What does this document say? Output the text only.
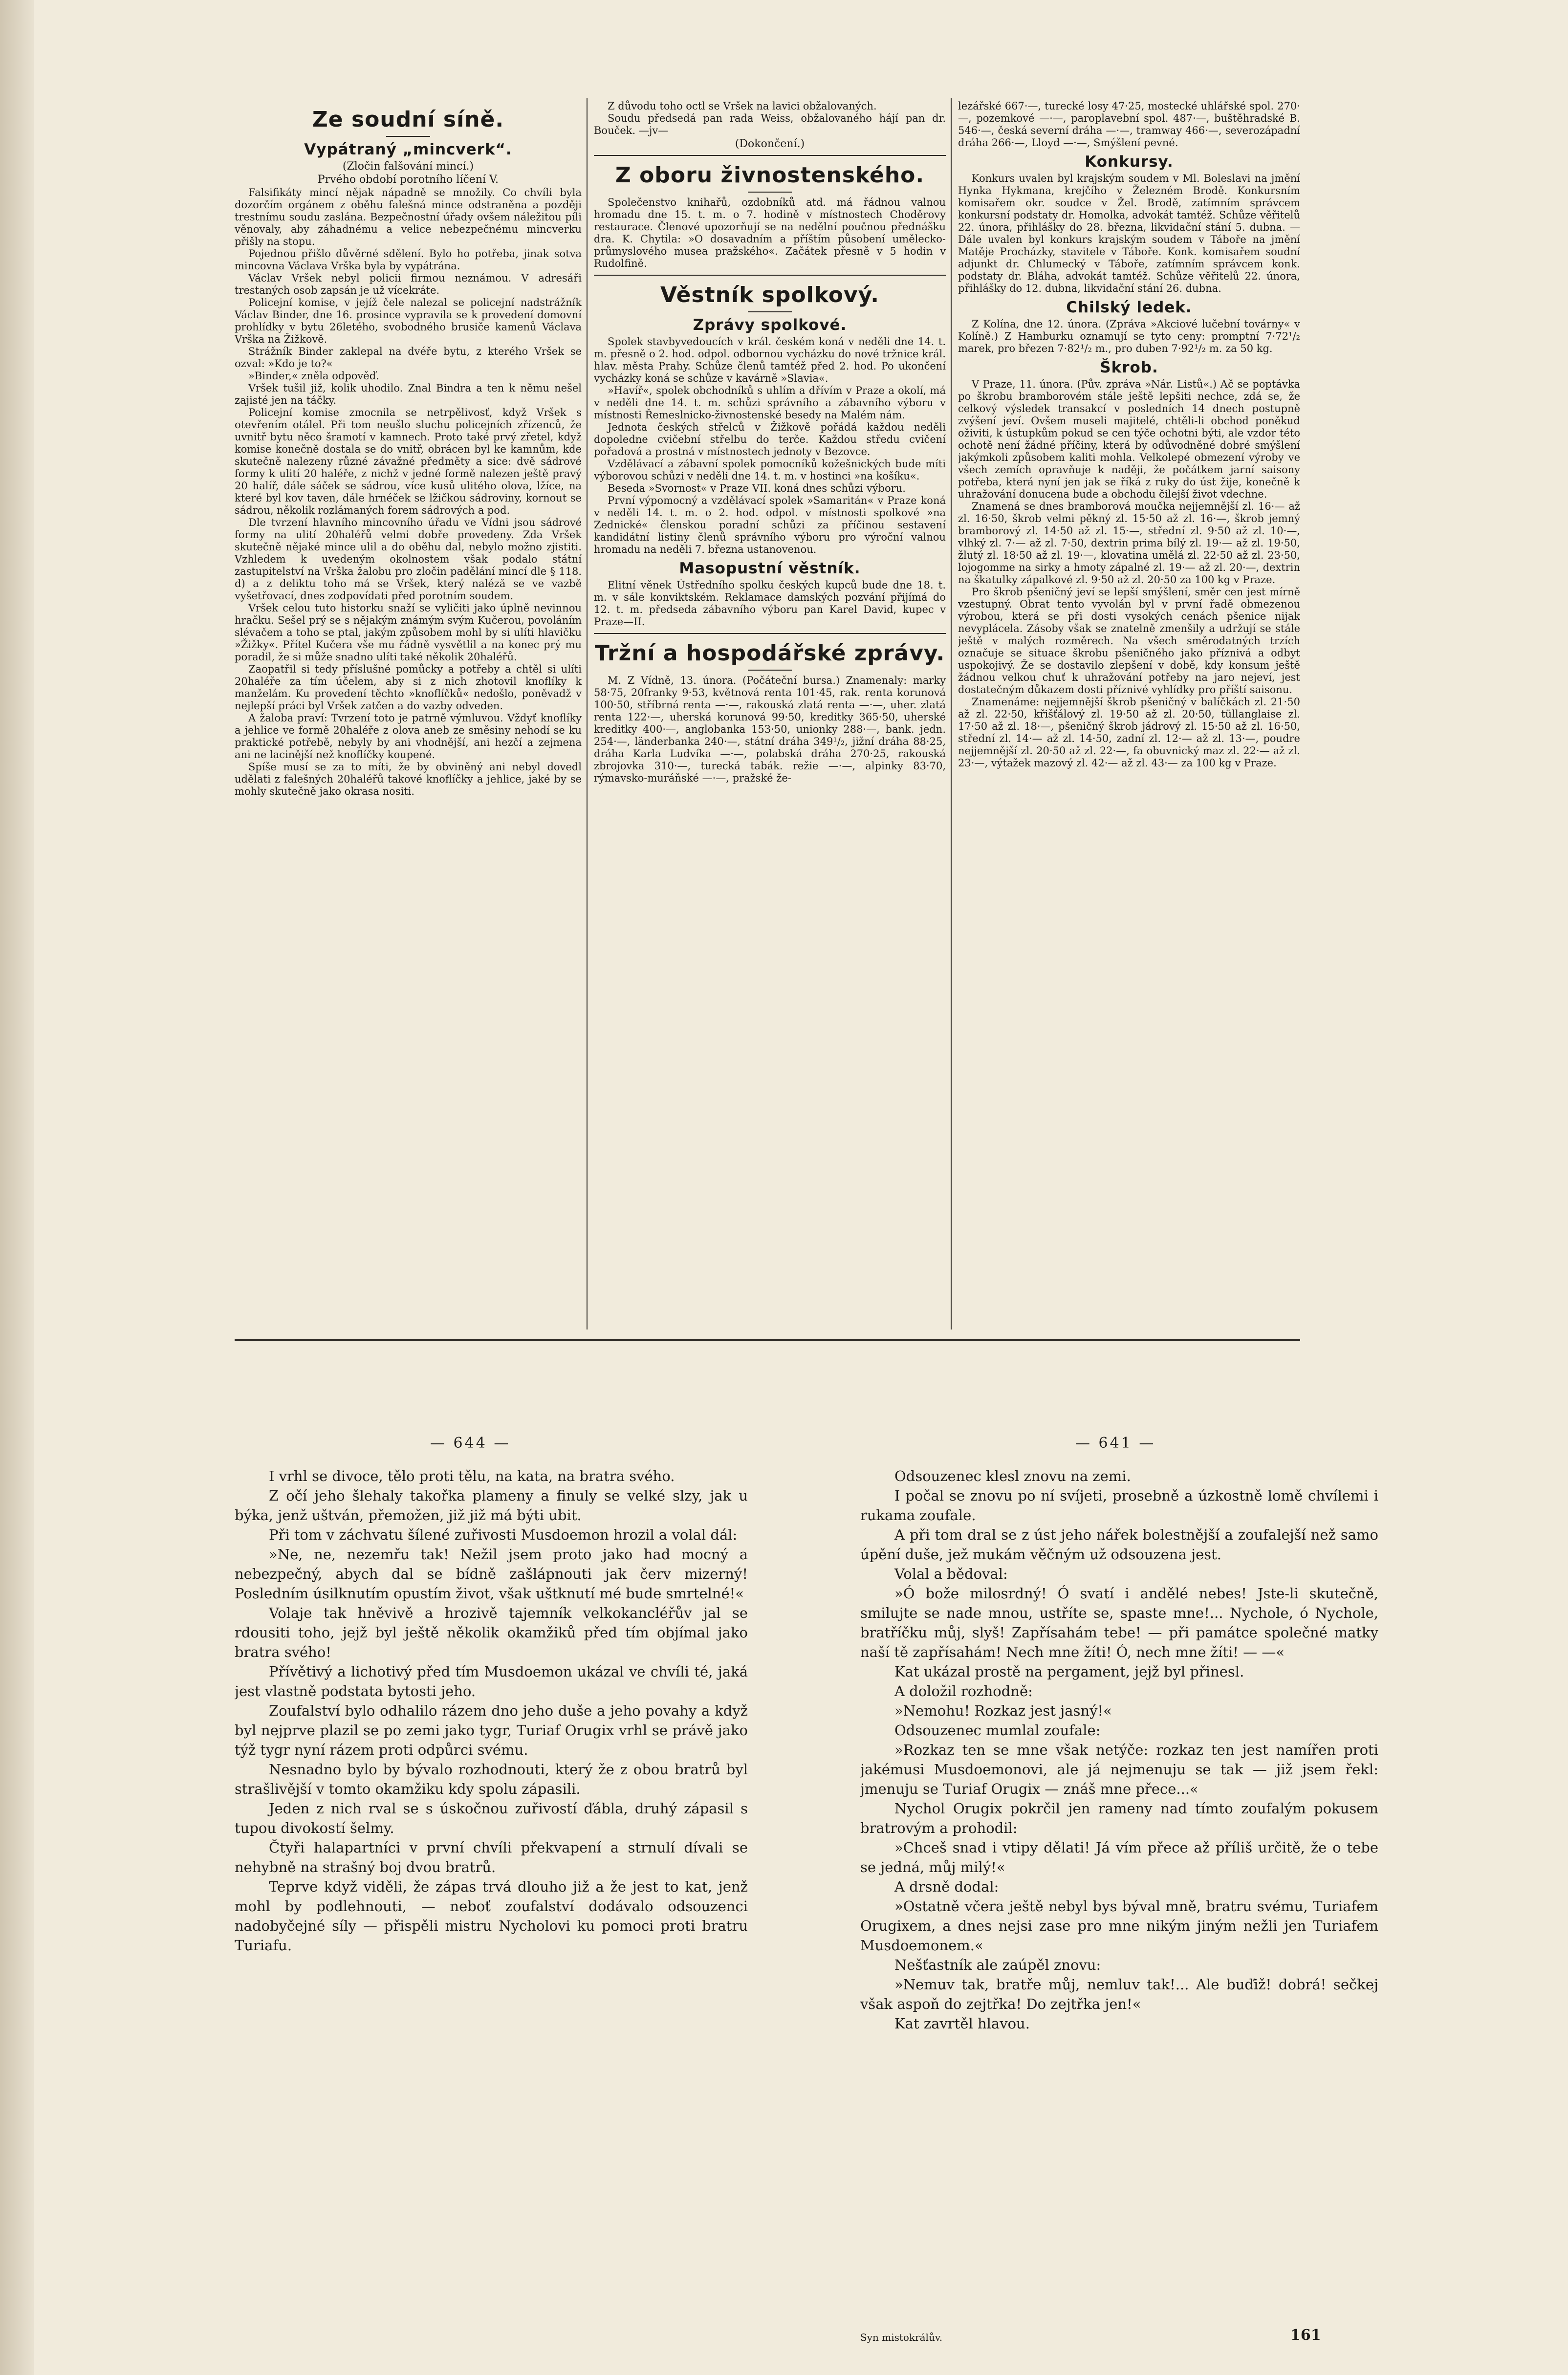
Ze soudní síně.
Vypátraný „mincverk“.
(Zločin falšování mincí.)
Prvého období porotního líčení V.

Falsifikáty mincí nějak nápadně se množily. Co chvíli byla dozorčím orgánem z oběhu falešná mince odstraněna a později trestnímu soudu zaslána. Bezpečnostní úřady ovšem náležitou píli věnovaly, aby záhadnému a velice nebezpečnému mincverku přišly na stopu.

Pojednou přišlo důvěrné sdělení. Bylo ho potřeba, jinak sotva mincovna Václava Vrška byla by vypátrána.

Václav Vršek nebyl policii firmou neznámou. V adresáři trestaných osob zapsán je už vícekráte.

Policejní komise, v jejíž čele nalezal se policejní nadstrážník Václav Binder, dne 16. prosince vypravila se k provedení domovní prohlídky v bytu 26letého, svobodného brusiče kamenů Václava Vrška na Žižkově.

Strážník Binder zaklepal na dvéře bytu, z kterého Vršek se ozval: »Kdo je to?«

»Binder,« zněla odpověď.

Vršek tušil již, kolik uhodilo. Znal Bindra a ten k němu nešel zajisté jen na táčky.

Policejní komise zmocnila se netrpělivosť, když Vršek s otevřením otálel. Při tom neušlo sluchu policejních zřízenců, že uvnitř bytu něco šramotí v kamnech. Proto také prvý zřetel, když komise konečně dostala se do vnitř, obrácen byl ke kamnům, kde skutečně nalezeny různé závažné předměty a sice: dvě sádrové formy k ulití 20 haléře, z nichž v jedné formě nalezen ještě pravý 20 halíř, dále sáček se sádrou, více kusů ulitého olova, lžíce, na které byl kov taven, dále hrnéček se lžičkou sádroviny, kornout se sádrou, několik rozlámaných forem sádrových a pod.

Dle tvrzení hlavního mincovního úřadu ve Vídni jsou sádrové formy na ulití 20haléřů velmi dobře provedeny. Zda Vršek skutečně nějaké mince ulil a do oběhu dal, nebylo možno zjistiti. Vzhledem k uvedeným okolnostem však podalo státní zastupitelství na Vrška žalobu pro zločin padělání mincí dle § 118. d) a z deliktu toho má se Vršek, který naléză se ve vazbě vyšetřovací, dnes zodpovídati před porotním soudem.

Vršek celou tuto historku snaží se vyličiti jako úplně nevinnou hračku. Sešel prý se s nějakým známým svým Kučerou, povoláním slévačem a toho se ptal, jakým způsobem mohl by si ulíti hlavičku »Žižky«. Přítel Kučera vše mu řádně vysvětlil a na konec prý mu poradil, že si může snadno ulíti také několik 20haléřů.

Zaopatřil si tedy příslušné pomůcky a potřeby a chtěl si ulíti 20haléře za tím účelem, aby si z nich zhotovil knoflíky k manželám. Ku provedení těchto »knoflíčků« nedošlo, poněvadž v nejlepší práci byl Vršek zatčen a do vazby odveden.

A žaloba praví: Tvrzení toto je patrně výmluvou. Vždyť knoflíky a jehlice ve formě 20haléře z olova aneb ze směsiny nehodí se ku praktické potřebě, nebyly by ani vhodnější, ani hezčí a zejmena ani ne lacinější než knoflíčky koupené.

Spíše musí se za to míti, že by obviněný ani nebyl dovedl udělati z falešných 20haléřů takové knoflíčky a jehlice, jaké by se mohly skutečně jako okrasa nositi.

Z důvodu toho octl se Vršek na lavici obžalovaných.

Soudu předsedá pan rada Weiss, obžalovaného hájí pan dr. Bouček. —jv—

(Dokončení.)
Z oboru živnostenského.

Společenstvo knihařů, ozdobníků atd. má řádnou valnou hromadu dne 15. t. m. o 7. hodině v místnostech Choděrovy restaurace. Členové upozorňují se na nedělní poučnou přednášku dra. K. Chytila: »O dosavadním a příštím působení umělecko-průmyslového musea pražského«. Začátek přesně v 5 hodin v Rudolfině.

Věstník spolkový.
Zprávy spolkové.

Spolek stavbyvedoucích v král. českém koná v neděli dne 14. t. m. přesně o 2. hod. odpol. odbornou vycházku do nové tržnice král. hlav. města Prahy. Schůze členů tamtéž před 2. hod. Po ukončení vycházky koná se schůze v kavárně »Slavia«.

»Havíř«, spolek obchodníků s uhlím a dřívím v Praze a okolí, má v neděli dne 14. t. m. schůzi správního a zábavního výboru v místnosti Řemeslnicko-živnostenské besedy na Malém nám.

Jednota českých střelců v Žižkově pořádá každou neděli dopoledne cvičební střelbu do terče. Každou středu cvičení pořadová a prostná v místnostech jednoty v Bezovce.

Vzdělávací a zábavní spolek pomocníků kožešnických bude míti výborovou schůzi v neděli dne 14. t. m. v hostinci »na košíku«.

Beseda »Svornost« v Praze VII. koná dnes schůzi výboru.

První výpomocný a vzdělávací spolek »Samaritán« v Praze koná v neděli 14. t. m. o 2. hod. odpol. v místnosti spolkové »na Zednické« členskou poradní schůzi za příčinou sestavení kandidátní listiny členů správního výboru pro výroční valnou hromadu na neděli 7. března ustanovenou.

Masopustní věstník.

Elitní věnek Ústředního spolku českých kupců bude dne 18. t. m. v sále konviktském. Reklamace damských pozvání přijímá do 12. t. m. předseda zábavního výboru pan Karel David, kupec v Praze—II.

Tržní a hospodářské zprávy.

M. Z Vídně, 13. února. (Počáteční bursa.) Znamenaly: marky 58·75, 20franky 9·53, květnová renta 101·45, rak. renta korunová 100·50, stříbrná renta —·—, rakouská zlatá renta —·—, uher. zlatá renta 122·—, uherská korunová 99·50, kreditky 365·50, uherské kreditky 400·—, anglobanka 153·50, unionky 288·—, bank. jedn. 254·—, länderbanka 240·—, státní dráha 349¹/₂, jižní dráha 88·25, dráha Karla Ludvíka —·—, polabská dráha 270·25, rakouská zbrojovka 310·—, turecká tabák. režie —·—, alpinky 83·70, rýmavsko-muráňské —·—, pražské že-

lezářské 667·—, turecké losy 47·25, mostecké uhlářské spol. 270·—, pozemkové —·—, paroplavební spol. 487·—, buštěhradské B. 546·—, česká severní dráha —·—, tramway 466·—, severozápadní dráha 266·—, Lloyd —·—, Smýšlení pevné.

Konkursy.

Konkurs uvalen byl krajským soudem v Ml. Boleslavi na jmění Hynka Hykmana, krejčího v Železném Brodě. Konkursním komisařem okr. soudce v Žel. Brodě, zatímním správcem konkursní podstaty dr. Homolka, advokát tamtéž. Schůze věřitelů 22. února, přihlášky do 28. března, likvidační stání 5. dubna. — Dále uvalen byl konkurs krajským soudem v Táboře na jmění Matěje Procházky, stavitele v Táboře. Konk. komisařem soudní adjunkt dr. Chlumecký v Táboře, zatímním správcem konk. podstaty dr. Bláha, advokát tamtéž. Schůze věřitelů 22. února, přihlášky do 12. dubna, likvidační stání 26. dubna.

Chilský ledek.

Z Kolína, dne 12. února. (Zpráva »Akciové lučební továrny« v Kolíně.) Z Hamburku oznamují se tyto ceny: promptní 7·72¹/₂ marek, pro březen 7·82¹/₂ m., pro duben 7·92¹/₂ m. za 50 kg.

Škrob.

V Praze, 11. února. (Pův. zpráva »Nár. Listů«.) Ač se poptávka po škrobu bramborovém stále ještě lepšiti nechce, zdá se, že celkový výsledek transakcí v posledních 14 dnech postupně zvýšení jeví. Ovšem museli majitelé, chtěli-li obchod poněkud oživiti, k ústupkům pokud se cen týče ochotni býti, ale vzdor této ochotě není žádné příčiny, která by odůvodněné dobré smýšlení jakýmkoli způsobem kaliti mohla. Velkolepé obmezení výroby ve všech zemích opravňuje k naději, že počátkem jarní saisony potřeba, která nyní jen jak se říká z ruky do úst žije, konečně k uhražování donucena bude a obchodu čilejší život vdechne.

Znamená se dnes bramborová moučka nejjemnější zl. 16·— až zl. 16·50, škrob velmi pěkný zl. 15·50 až zl. 16·—, škrob jemný bramborový zl. 14·50 až zl. 15·—, střední zl. 9·50 až zl. 10·—, vlhký zl. 7·— až zl. 7·50, dextrin prima bílý zl. 19·— až zl. 19·50, žlutý zl. 18·50 až zl. 19·—, klovatina umělá zl. 22·50 až zl. 23·50, lojogomme na sirky a hmoty zápalné zl. 19·— až zl. 20·—, dextrin na škatulky zápalkové zl. 9·50 až zl. 20·50 za 100 kg v Praze.

Pro škrob pšeničný jeví se lepší smýšlení, směr cen jest mírně vzestupný. Obrat tento vyvolán byl v první řadě obmezenou výrobou, která se při dosti vysokých cenách pšenice nijak nevyplácela. Zásoby však se znatelně zmenšily a udržují se stále ještě v malých rozměrech. Na všech směrodatných trzích označuje se situace škrobu pšeničného jako příznivá a odbyt uspokojivý. Že se dostavilo zlepšení v době, kdy konsum ještě žádnou velkou chuť k uhražování potřeby na jaro nejeví, jest dostatečným důkazem dosti příznivé vyhlídky pro příští saisonu.

Znamenáme: nejjemnější škrob pšeničný v balíčkách zl. 21·50 až zl. 22·50, křišťálový zl. 19·50 až zl. 20·50, tüllanglaise zl. 17·50 až zl. 18·—, pšeničný škrob jádrový zl. 15·50 až zl. 16·50, střední zl. 14·— až zl. 14·50, zadní zl. 12·— až zl. 13·—, poudre nejjemnější zl. 20·50 až zl. 22·—, fa obuvnický maz zl. 22·— až zl. 23·—, výtažek mazový zl. 42·— až zl. 43·— za 100 kg v Praze.

— 644 —	— 641 —

I vrhl se divoce, tělo proti tělu, na kata, na bratra svého.

Z očí jeho šlehaly takořka plameny a finuly se velké slzy, jak u býka, jenž uštván, přemožen, již již má býti ubit.

Při tom v záchvatu šílené zuřivosti Musdoemon hrozil a volal dál:

»Ne, ne, nezemřu tak! Nežil jsem proto jako had mocný a nebezpečný, abych dal se bídně zašlápnouti jak červ mizerný! Posledním úsilknutím opustím život, však uštknutí mé bude smrtelné!«

Volaje tak hněvivě a hrozivě tajemník velkokancléřův jal se rdousiti toho, jejž byl ještě několik okamžiků před tím objímal jako bratra svého!

Přívětivý a lichotivý před tím Musdoemon ukázal ve chvíli té, jaká jest vlastně podstata bytosti jeho.

Zoufalství bylo odhalilo rázem dno jeho duše a jeho povahy a když byl nejprve plazil se po zemi jako tygr, Turiaf Orugix vrhl se právě jako týž tygr nyní rázem proti odpůrci svému.

Nesnadno bylo by bývalo rozhodnouti, který že z obou bratrů byl strašlivější v tomto okamžiku kdy spolu zápasili.

Jeden z nich rval se s úskočnou zuřivostí ďábla, druhý zápasil s tupou divokostí šelmy.

Čtyři halapartníci v první chvíli překvapení a strnulí dívali se nehybně na strašný boj dvou bratrů.

Teprve když viděli, že zápas trvá dlouho již a že jest to kat, jenž mohl by podlehnouti, — neboť zoufalství dodávalo odsouzenci nadobyčejné síly — přispěli mistru Nycholovi ku pomoci proti bratru Turiafu.

Odsouzenec klesl znovu na zemi.

I počal se znovu po ní svíjeti, prosebně a úzkostně lomě chvílemi i rukama zoufale.

A při tom dral se z úst jeho nářek bolestnější a zoufalejší než samo úpění duše, jež mukám věčným už odsouzena jest.

Volal a bědoval:

»Ó bože milosrdný! Ó svatí i andělé nebes! Jste-li skutečně, smilujte se nade mnou, ustříte se, spaste mne!... Nychole, ó Nychole, bratříčku můj, slyš! Zapřísahám tebe! — při památce společné matky naší tě zapřísahám! Nech mne žíti! Ó, nech mne žíti! — —«

Kat ukázal prostě na pergament, jejž byl přinesl.

A doložil rozhodně:

»Nemohu! Rozkaz jest jasný!«

Odsouzenec mumlal zoufale:

»Rozkaz ten se mne však netýče: rozkaz ten jest namířen proti jakémusi Musdoemonovi, ale já nejmenuju se tak — již jsem řekl: jmenuju se Turiaf Orugix — znáš mne přece...«

Nychol Orugix pokrčil jen rameny nad tímto zoufalým pokusem bratrovým a prohodil:

»Chceš snad i vtipy dělati! Já vím přece až příliš určitě, že o tebe se jedná, můj milý!«

A drsně dodal:

»Ostatně včera ještě nebyl bys býval mně, bratru svému, Turiafem Orugixem, a dnes nejsi zase pro mne nikým jiným nežli jen Turiafem Musdoemonem.«

Nešťastník ale zaúpěl znovu:

»Nemuv tak, bratře můj, nemluv tak!... Ale buďiž! dobrá! sečkej však aspoň do zejtřka! Do zejtřka jen!«

Kat zavrtěl hlavou.

Syn mistokrálův.	161
